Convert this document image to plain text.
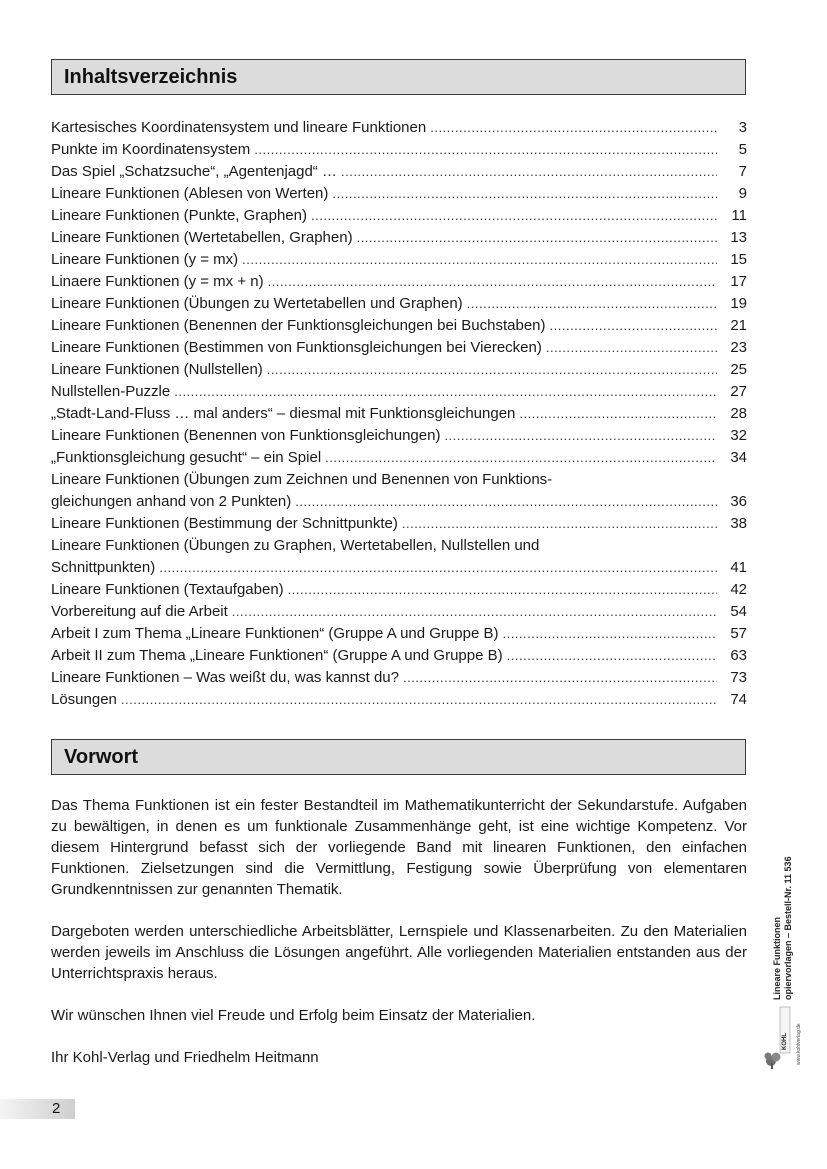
Inhaltsverzeichnis
Kartesisches Koordinatensystem und lineare Funktionen .....	3
Punkte im Koordinatensystem .....	5
Das Spiel „Schatzsuche“, „Agentenjagd“ … .....	7
Lineare Funktionen (Ablesen von Werten) .....	9
Lineare Funktionen (Punkte, Graphen) .....	11
Lineare Funktionen (Wertetabellen, Graphen) .....	13
Lineare Funktionen (y = mx) .....	15
Linaere Funktionen (y = mx + n) .....	17
Lineare Funktionen (Übungen zu Wertetabellen und Graphen) .....	19
Lineare Funktionen (Benennen der Funktionsgleichungen bei Buchstaben) .....	21
Lineare Funktionen (Bestimmen von Funktionsgleichungen bei Vierecken) .....	23
Lineare Funktionen (Nullstellen) .....	25
Nullstellen-Puzzle .....	27
„Stadt-Land-Fluss … mal anders“ – diesmal mit Funktionsgleichungen .....	28
Lineare Funktionen (Benennen von Funktionsgleichungen) .....	32
„Funktionsgleichung gesucht“ – ein Spiel .....	34
Lineare Funktionen (Übungen zum Zeichnen und Benennen von Funktions-
gleichungen anhand von 2 Punkten) .....	36
Lineare Funktionen (Bestimmung der Schnittpunkte) .....	38
Lineare Funktionen (Übungen zu Graphen, Wertetabellen, Nullstellen und
Schnittpunkten) .....	41
Lineare Funktionen (Textaufgaben) .....	42
Vorbereitung auf die Arbeit .....	54
Arbeit I zum Thema „Lineare Funktionen“ (Gruppe A und Gruppe B) .....	57
Arbeit II zum Thema „Lineare Funktionen“ (Gruppe A und Gruppe B) .....	63
Lineare Funktionen – Was weißt du, was kannst du? .....	73
Lösungen .....	74
Vorwort

Das Thema Funktionen ist ein fester Bestandteil im Mathematikunterricht der Sekundarstufe. Aufgaben zu bewältigen, in denen es um funktionale Zusammenhänge geht, ist eine wichtige Kompetenz. Vor diesem Hintergrund befasst sich der vorliegende Band mit linearen Funktionen, den einfachen Funktionen. Zielsetzungen sind die Vermittlung, Festigung sowie Überprüfung von elementaren Grundkenntnissen zur genannten Thematik.

Dargeboten werden unterschiedliche Arbeitsblätter, Lernspiele und Klassenarbeiten. Zu den Materialien werden jeweils im Anschluss die Lösungen angeführt. Alle vorliegenden Materialien entstanden aus der Unterrichtspraxis heraus.

Wir wünschen Ihnen viel Freude und Erfolg beim Einsatz der Materialien.

Ihr Kohl-Verlag und Friedhelm Heitmann

2
Lineare Funktionen opiervorlagen – Bestell-Nr. 11 536
KOHL www.kohlverlag.de
